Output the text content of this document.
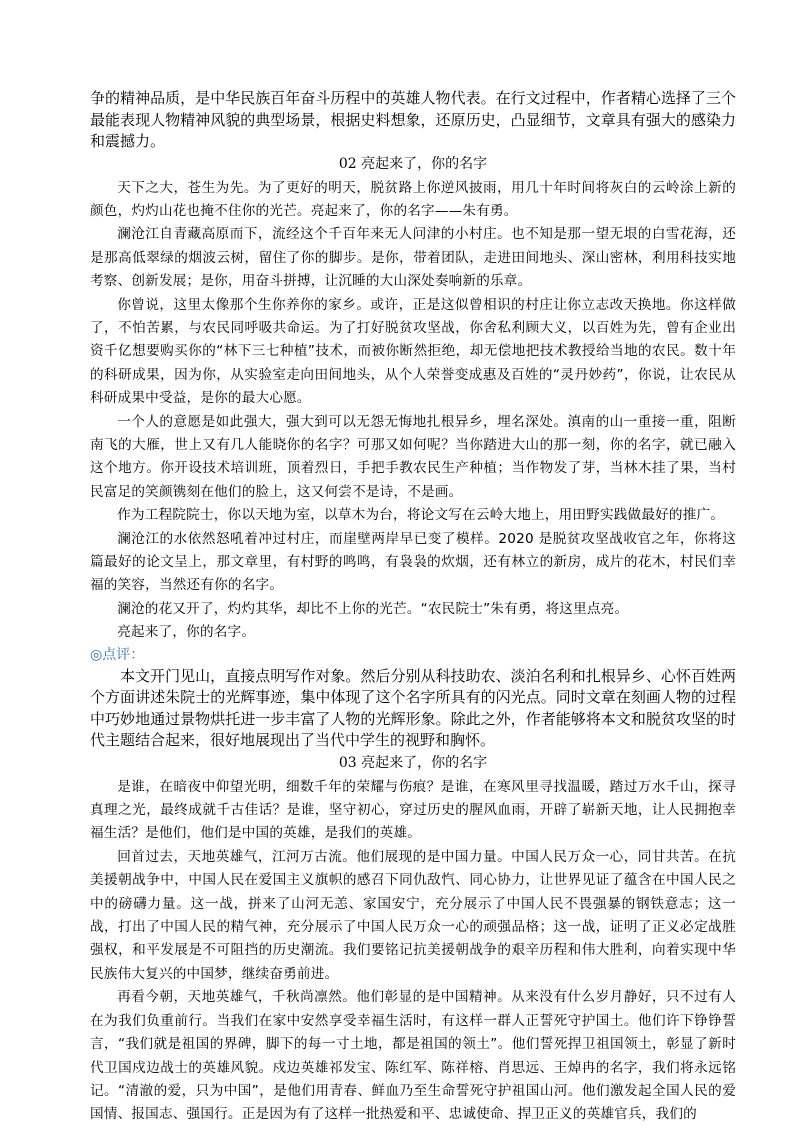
争的精神品质，是中华民族百年奋斗历程中的英雄人物代表。在行文过程中，作者精心选择了三个最能表现人物精神风貌的典型场景，根据史料想象，还原历史，凸显细节，文章具有强大的感染力和震撼力。

02 亮起来了，你的名字

天下之大，苍生为先。为了更好的明天，脱贫路上你逆风披雨，用几十年时间将灰白的云岭涂上新的颜色，灼灼山花也掩不住你的光芒。亮起来了，你的名字——朱有勇。

澜沧江自青藏高原而下，流经这个千百年来无人问津的小村庄。也不知是那一望无垠的白雪花海，还是那高低翠绿的烟波云树，留住了你的脚步。是你，带着团队，走进田间地头、深山密林，利用科技实地考察、创新发展；是你，用奋斗拼搏，让沉睡的大山深处奏响新的乐章。

你曾说，这里太像那个生你养你的家乡。或许，正是这似曾相识的村庄让你立志改天换地。你这样做了，不怕苦累，与农民同呼吸共命运。为了打好脱贫攻坚战，你舍私利顾大义，以百姓为先，曾有企业出资千亿想要购买你的“林下三七种植”技术，而被你断然拒绝，却无偿地把技术教授给当地的农民。数十年的科研成果，因为你，从实验室走向田间地头，从个人荣誉变成惠及百姓的“灵丹妙药”，你说，让农民从科研成果中受益，是你的最大心愿。

一个人的意愿是如此强大，强大到可以无怨无悔地扎根异乡，埋名深处。滇南的山一重接一重，阻断南飞的大雁，世上又有几人能晓你的名字？可那又如何呢？当你踏进大山的那一刻，你的名字，就已融入这个地方。你开设技术培训班，顶着烈日，手把手教农民生产种植；当作物发了芽，当林木挂了果，当村民富足的笑颜镌刻在他们的脸上，这又何尝不是诗，不是画。

作为工程院院士，你以天地为室，以草木为台，将论文写在云岭大地上，用田野实践做最好的推广。

澜沧江的水依然怒吼着冲过村庄，而崖壁两岸早已变了模样。2020 是脱贫攻坚战收官之年，你将这篇最好的论文呈上，那文章里，有村野的鸣鸣，有袅袅的炊烟，还有林立的新房，成片的花木，村民们幸福的笑容，当然还有你的名字。

澜沧的花又开了，灼灼其华，却比不上你的光芒。“农民院士”朱有勇，将这里点亮。

亮起来了，你的名字。

◎点评：

本文开门见山，直接点明写作对象。然后分别从科技助农、淡泊名利和扎根异乡、心怀百姓两个方面讲述朱院士的光辉事迹，集中体现了这个名字所具有的闪光点。同时文章在刻画人物的过程中巧妙地通过景物烘托进一步丰富了人物的光辉形象。除此之外，作者能够将本文和脱贫攻坚的时代主题结合起来，很好地展现出了当代中学生的视野和胸怀。

03 亮起来了，你的名字

是谁，在暗夜中仰望光明，细数千年的荣耀与伤痕？是谁，在寒风里寻找温暖，踏过万水千山，探寻真理之光，最终成就千古佳话？是谁，坚守初心，穿过历史的腥风血雨，开辟了崭新天地，让人民拥抱幸福生活？是他们，他们是中国的英雄，是我们的英雄。

回首过去，天地英雄气，江河万古流。他们展现的是中国力量。中国人民万众一心，同甘共苦。在抗美援朝战争中，中国人民在爱国主义旗帜的感召下同仇敌忾、同心协力，让世界见证了蕴含在中国人民之中的磅礴力量。这一战，拼来了山河无恙、家国安宁，充分展示了中国人民不畏强暴的钢铁意志；这一战，打出了中国人民的精气神，充分展示了中国人民万众一心的顽强品格；这一战，证明了正义必定战胜强权，和平发展是不可阻挡的历史潮流。我们要铭记抗美援朝战争的艰辛历程和伟大胜利，向着实现中华民族伟大复兴的中国梦，继续奋勇前进。

再看今朝，天地英雄气，千秋尚凛然。他们彰显的是中国精神。从来没有什么岁月静好，只不过有人在为我们负重前行。当我们在家中安然享受幸福生活时，有这样一群人正誓死守护国土。他们许下铮铮誓言，“我们就是祖国的界碑，脚下的每一寸土地，都是祖国的领土”。他们誓死捍卫祖国领土，彰显了新时代卫国戍边战士的英雄风貌。戍边英雄祁发宝、陈红军、陈祥榕、肖思远、王焯冉的名字，我们将永远铭记。“清澈的爱，只为中国”，是他们用青春、鲜血乃至生命誓死守护祖国山河。他们激发起全国人民的爱国情、报国志、强国行。正是因为有了这样一批热爱和平、忠诚使命、捍卫正义的英雄官兵，我们的
